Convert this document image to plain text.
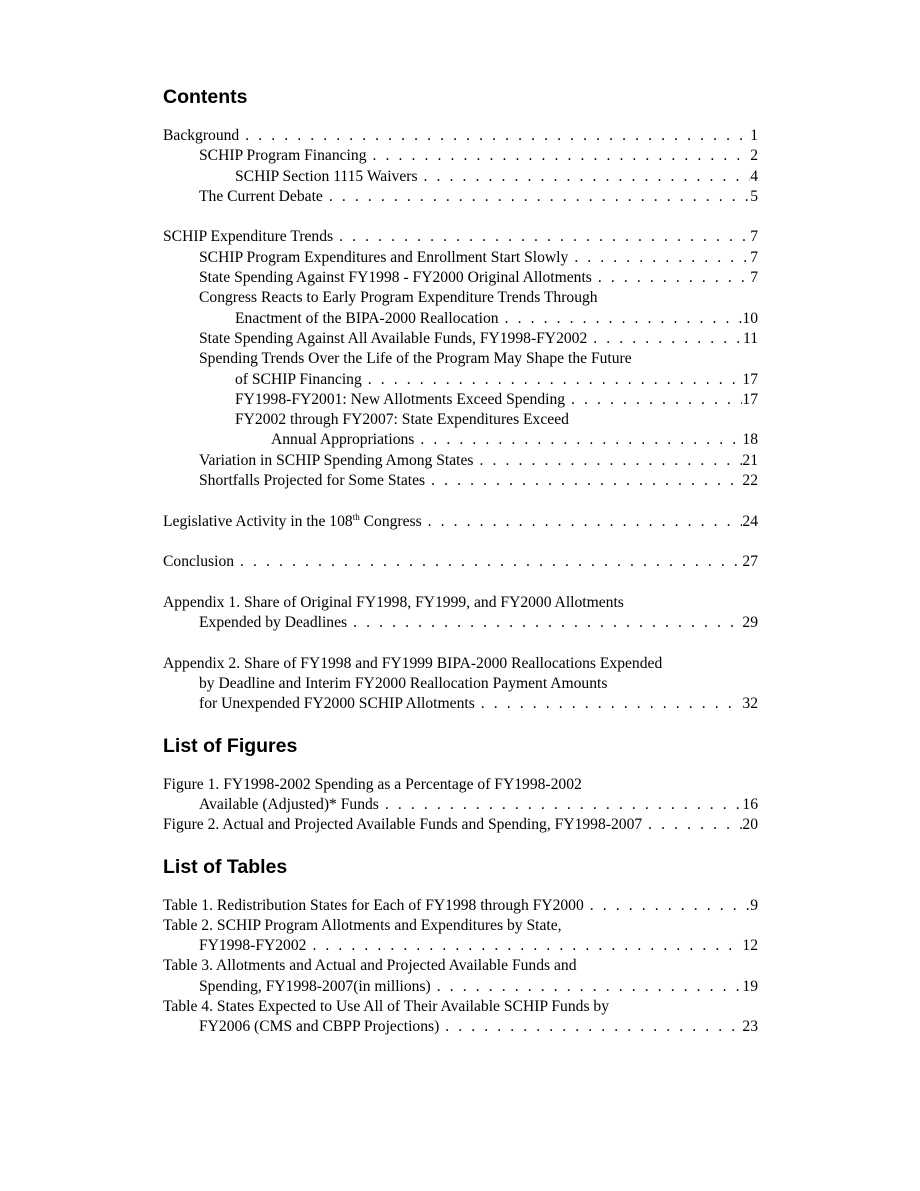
Contents
Background . . .	1
SCHIP Program Financing . . .	2
SCHIP Section 1115 Waivers . . .	4
The Current Debate . . .	5
SCHIP Expenditure Trends . . .	7
SCHIP Program Expenditures and Enrollment Start Slowly . . .	7
State Spending Against FY1998 - FY2000 Original Allotments . . .	7
Congress Reacts to Early Program Expenditure Trends Through
Enactment of the BIPA-2000 Reallocation . . .	10
State Spending Against All Available Funds, FY1998-FY2002 . . .	11
Spending Trends Over the Life of the Program May Shape the Future
of SCHIP Financing . . .	17
FY1998-FY2001: New Allotments Exceed Spending . . .	17
FY2002 through FY2007: State Expenditures Exceed
Annual Appropriations . . .	18
Variation in SCHIP Spending Among States . . .	21
Shortfalls Projected for Some States . . .	22
Legislative Activity in the 108th Congress . . .	24
Conclusion . . .	27
Appendix 1. Share of Original FY1998, FY1999, and FY2000 Allotments
Expended by Deadlines . . .	29
Appendix 2. Share of FY1998 and FY1999 BIPA-2000 Reallocations Expended
by Deadline and Interim FY2000 Reallocation Payment Amounts
for Unexpended FY2000 SCHIP Allotments . . .	32
List of Figures
Figure 1. FY1998-2002 Spending as a Percentage of FY1998-2002
Available (Adjusted)* Funds . . .	16
Figure 2. Actual and Projected Available Funds and Spending, FY1998-2007 . . .	20
List of Tables
Table 1. Redistribution States for Each of FY1998 through FY2000 . . .	9
Table 2. SCHIP Program Allotments and Expenditures by State,
FY1998-FY2002 . . .	12
Table 3. Allotments and Actual and Projected Available Funds and
Spending, FY1998-2007(in millions) . . .	19
Table 4. States Expected to Use All of Their Available SCHIP Funds by
FY2006 (CMS and CBPP Projections) . . .	23
